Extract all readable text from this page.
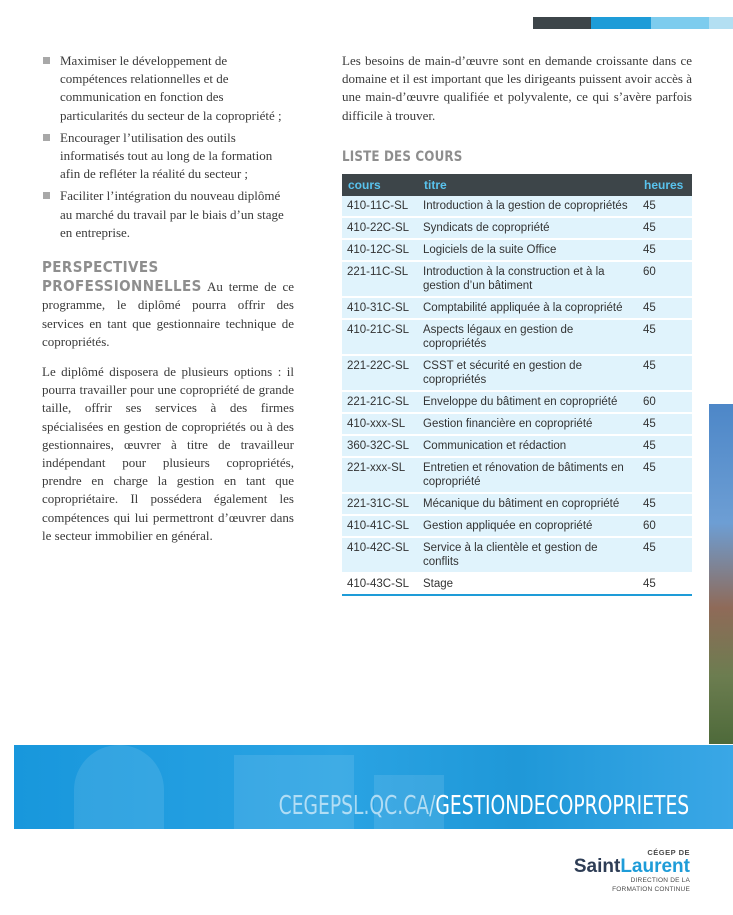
Maximiser le développement de compétences relationnelles et de communication en fonction des particularités du secteur de la copropriété ;
Encourager l’utilisation des outils informatisés tout au long de la formation afin de refléter la réalité du secteur ;
Faciliter l’intégration du nouveau diplômé au marché du travail par le biais d’un stage en entreprise.

PERSPECTIVES PROFESSIONNELLES Au terme de ce programme, le diplômé pourra offrir des services en tant que gestionnaire technique de copropriétés.

Le diplômé disposera de plusieurs options : il pourra travailler pour une copropriété de grande taille, offrir ses services à des firmes spécialisées en gestion de copropriétés ou à des gestionnaires, œuvrer à titre de travailleur indépendant pour plusieurs copropriétés, prendre en charge la gestion en tant que copropriétaire. Il possédera également les compétences qui lui permettront d’œuvrer dans le secteur immobilier en général.

Les besoins de main-d’œuvre sont en demande croissante dans ce domaine et il est important que les dirigeants puissent avoir accès à une main-d’œuvre qualifiée et polyvalente, ce qui s’avère parfois difficile à trouver.

LISTE DES COURS
cours	titre	heures
410-11C-SL	Introduction à la gestion de copropriétés	45
410-22C-SL	Syndicats de copropriété	45
410-12C-SL	Logiciels de la suite Office	45
221-11C-SL	Introduction à la construction et à la gestion d’un bâtiment	60
410-31C-SL	Comptabilité appliquée à la copropriété	45
410-21C-SL	Aspects légaux en gestion de copropriétés	45
221-22C-SL	CSST et sécurité en gestion de copropriétés	45
221-21C-SL	Enveloppe du bâtiment en copropriété	60
410-xxx-SL	Gestion financière en copropriété	45
360-32C-SL	Communication et rédaction	45
221-xxx-SL	Entretien et rénovation de bâtiments en copropriété	45
221-31C-SL	Mécanique du bâtiment en copropriété	45
410-41C-SL	Gestion appliquée en copropriété	60
410-42C-SL	Service à la clientèle et gestion de conflits	45
410-43C-SL	Stage	45
CEGEPSL.QC.CA/GESTIONDECOPROPRIETES
CÉGEP DE
SaintLaurent
DIRECTION DE LA
FORMATION CONTINUE
